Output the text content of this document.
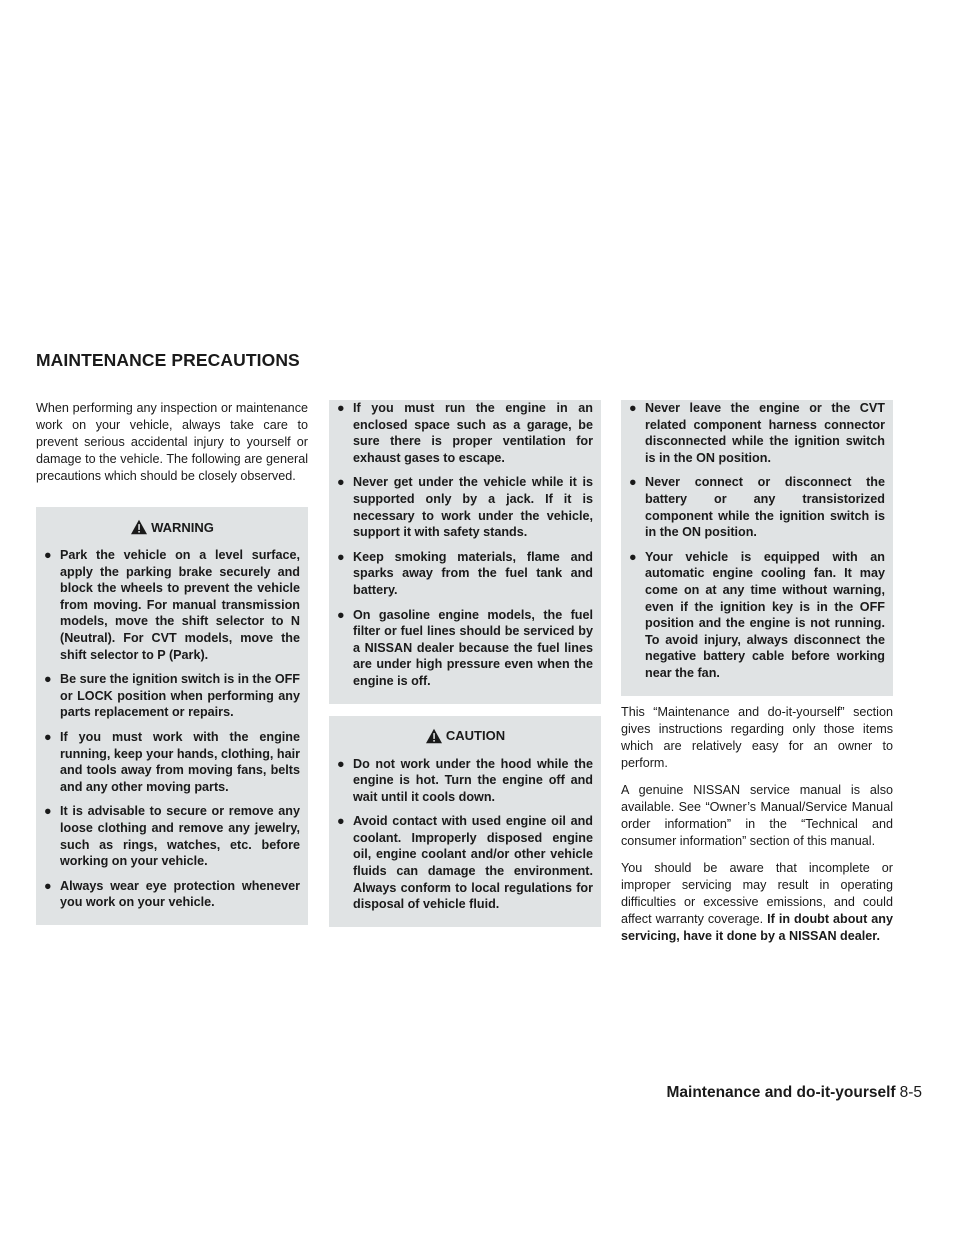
MAINTENANCE PRECAUTIONS

When performing any inspection or maintenance work on your vehicle, always take care to prevent serious accidental injury to yourself or damage to the vehicle. The following are general precautions which should be closely observed.

WARNING
● Park the vehicle on a level surface, apply the parking brake securely and block the wheels to prevent the vehicle from moving. For manual transmission models, move the shift selector to N (Neutral). For CVT models, move the shift selector to P (Park).
● Be sure the ignition switch is in the OFF or LOCK position when performing any parts replacement or repairs.
● If you must work with the engine running, keep your hands, clothing, hair and tools away from moving fans, belts and any other moving parts.
● It is advisable to secure or remove any loose clothing and remove any jewelry, such as rings, watches, etc. before working on your vehicle.
● Always wear eye protection whenever you work on your vehicle.
● If you must run the engine in an enclosed space such as a garage, be sure there is proper ventilation for exhaust gases to escape.
● Never get under the vehicle while it is supported only by a jack. If it is necessary to work under the vehicle, support it with safety stands.
● Keep smoking materials, flame and sparks away from the fuel tank and battery.
● On gasoline engine models, the fuel filter or fuel lines should be serviced by a NISSAN dealer because the fuel lines are under high pressure even when the engine is off.
CAUTION
● Do not work under the hood while the engine is hot. Turn the engine off and wait until it cools down.
● Avoid contact with used engine oil and coolant. Improperly disposed engine oil, engine coolant and/or other vehicle fluids can damage the environment. Always conform to local regulations for disposal of vehicle fluid.
● Never leave the engine or the CVT related component harness connector disconnected while the ignition switch is in the ON position.
● Never connect or disconnect the battery or any transistorized component while the ignition switch is in the ON position.
● Your vehicle is equipped with an automatic engine cooling fan. It may come on at any time without warning, even if the ignition key is in the OFF position and the engine is not running. To avoid injury, always disconnect the negative battery cable before working near the fan.

This “Maintenance and do-it-yourself” section gives instructions regarding only those items which are relatively easy for an owner to perform.

A genuine NISSAN service manual is also available. See “Owner’s Manual/Service Manual order information” in the “Technical and consumer information” section of this manual.

You should be aware that incomplete or improper servicing may result in operating difficulties or excessive emissions, and could affect warranty coverage. If in doubt about any servicing, have it done by a NISSAN dealer.

Maintenance and do-it-yourself 8-5
